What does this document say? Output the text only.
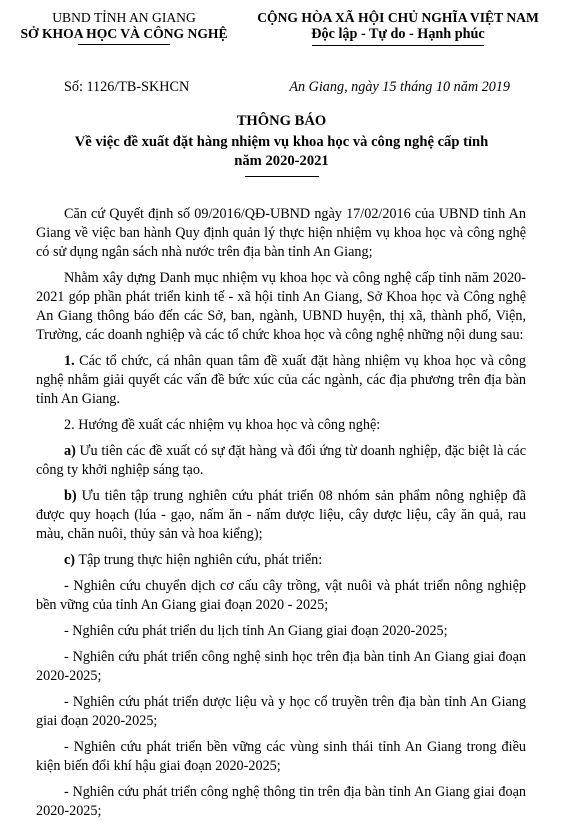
UBND TỈNH AN GIANG
SỞ KHOA HỌC VÀ CÔNG NGHỆ
CỘNG HÒA XÃ HỘI CHỦ NGHĨA VIỆT NAM
Độc lập - Tự do - Hạnh phúc
Số: 1126/TB-SKHCN	An Giang, ngày 15 tháng 10 năm 2019
THÔNG BÁO
Về việc đề xuất đặt hàng nhiệm vụ khoa học và công nghệ cấp tỉnh
năm 2020-2021

Căn cứ Quyết định số 09/2016/QĐ-UBND ngày 17/02/2016 của UBND tỉnh An Giang về việc ban hành Quy định quản lý thực hiện nhiệm vụ khoa học và công nghệ có sử dụng ngân sách nhà nước trên địa bàn tỉnh An Giang;

Nhằm xây dựng Danh mục nhiệm vụ khoa học và công nghệ cấp tỉnh năm 2020-2021 góp phần phát triển kinh tế - xã hội tỉnh An Giang, Sở Khoa học và Công nghệ An Giang thông báo đến các Sở, ban, ngành, UBND huyện, thị xã, thành phố, Viện, Trường, các doanh nghiệp và các tổ chức khoa học và công nghệ những nội dung sau:

1. Các tổ chức, cá nhân quan tâm đề xuất đặt hàng nhiệm vụ khoa học và công nghệ nhằm giải quyết các vấn đề bức xúc của các ngành, các địa phương trên địa bàn tỉnh An Giang.

2. Hướng đề xuất các nhiệm vụ khoa học và công nghệ:

a) Ưu tiên các đề xuất có sự đặt hàng và đối ứng từ doanh nghiệp, đặc biệt là các công ty khởi nghiệp sáng tạo.

b) Ưu tiên tập trung nghiên cứu phát triển 08 nhóm sản phẩm nông nghiệp đã được quy hoạch (lúa - gạo, nấm ăn - nấm dược liệu, cây dược liệu, cây ăn quả, rau màu, chăn nuôi, thủy sản và hoa kiểng);

c) Tập trung thực hiện nghiên cứu, phát triển:

- Nghiên cứu chuyển dịch cơ cấu cây trồng, vật nuôi và phát triển nông nghiệp bền vững của tỉnh An Giang giai đoạn 2020 - 2025;

- Nghiên cứu phát triển du lịch tỉnh An Giang giai đoạn 2020-2025;

- Nghiên cứu phát triển công nghệ sinh học trên địa bàn tỉnh An Giang giai đoạn 2020-2025;

- Nghiên cứu phát triển dược liệu và y học cổ truyền trên địa bàn tỉnh An Giang giai đoạn 2020-2025;

- Nghiên cứu phát triển bền vững các vùng sinh thái tỉnh An Giang trong điều kiện biến đổi khí hậu giai đoạn 2020-2025;

- Nghiên cứu phát triển công nghệ thông tin trên địa bàn tỉnh An Giang giai đoạn 2020-2025;
